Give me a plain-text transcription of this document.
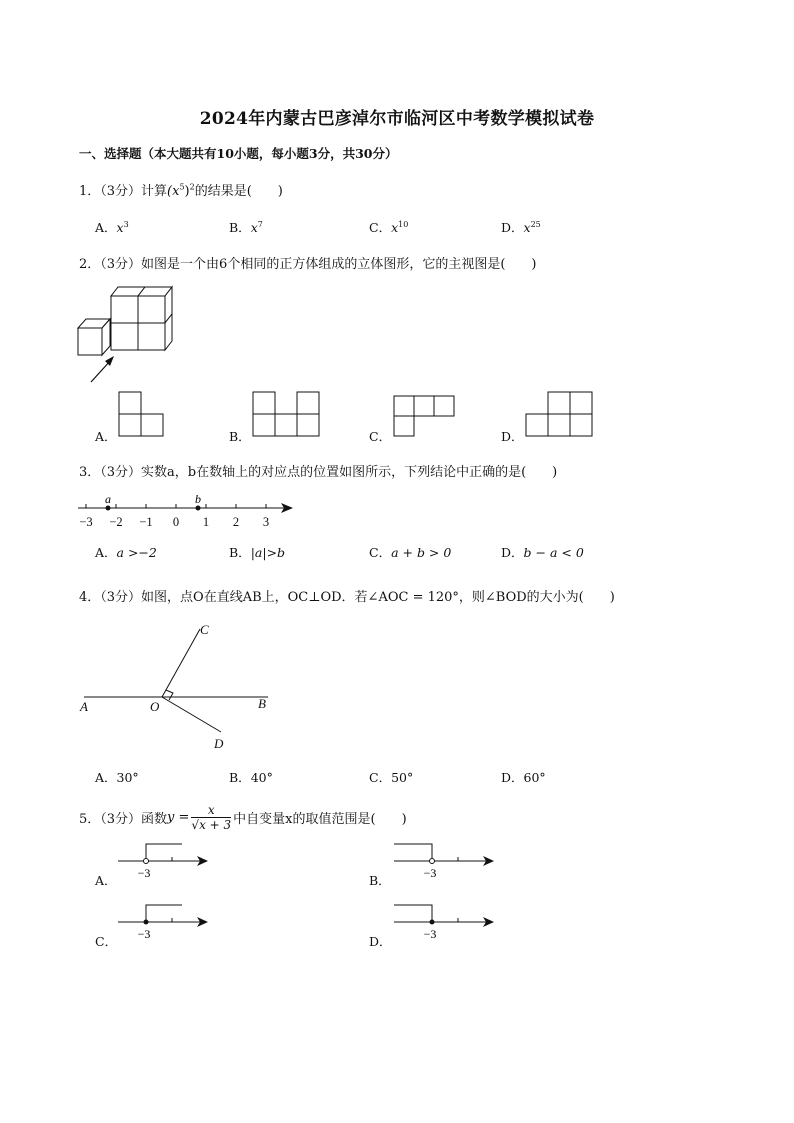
2024年内蒙古巴彦淖尔市临河区中考数学模拟试卷
一、选择题（本大题共有10小题，每小题3分，共30分）
1．（3分）计算$(x^5)^2$的结果是(　　)
A．$x^3$	B．$x^7$	C．$x^{10}$	D．$x^{25}$
2．（3分）如图是一个由6个相同的正方体组成的立体图形，它的主视图是(　　)
A．	B．	C．	D．
3．（3分）实数a，b在数轴上的对应点的位置如图所示，下列结论中正确的是(　　)
−3 −2 −1 0 1 2 3
a	b
A．a >−2	B．|a|>b	C．a + b > 0	D．b − a < 0
4．（3分）如图，点O在直线AB上，OC⊥OD．若∠AOC = 120°，则∠BOD的大小为(　　)
A	O	B
C
D
A．30°	B．40°	C．50°	D．60°
5．（3分）函数$y = \frac{x}{√x + 3}$ 中自变量x的取值范围是(　　)
A． −3	B．	−3
C． −3	D．	−3
